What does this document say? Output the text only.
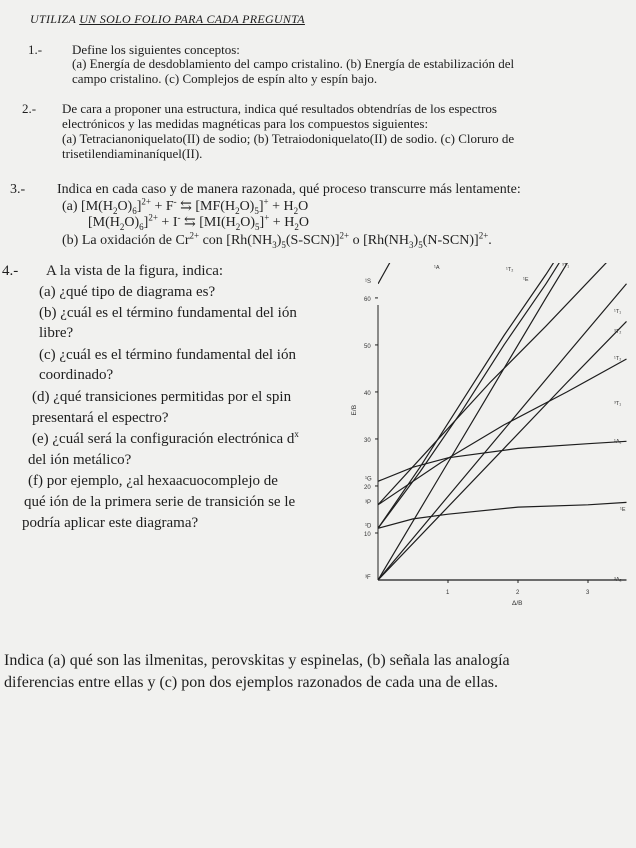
UTILIZA UN SOLO FOLIO PARA CADA PREGUNTA
1.- Define los siguientes conceptos:
(a) Energía de desdoblamiento del campo cristalino. (b) Energía de estabilización del
campo cristalino. (c) Complejos de espín alto y espín bajo.
2.- De cara a proponer una estructura, indica qué resultados obtendrías de los espectros
electrónicos y las medidas magnéticas para los compuestos siguientes:
(a) Tetracianoniquelato(II) de sodio; (b) Tetraiodoniquelato(II) de sodio. (c) Cloruro de
trisetilendiaminaníquel(II).
3.- Indica en cada caso y de manera razonada, qué proceso transcurre más lentamente:
(a) $[M(H_2O)_6]^{2+} + F^-$ ⇆ $[MF(H_2O)_5]^+ + H_2O$
$[M(H_2O)_6]^{2+} + I^-$ ⇆ $[MI(H_2O)_5]^+ + H_2O$
(b) La oxidación de $Cr^{2+}$ con $[Rh(NH_3)_5(S-SCN)]^{2+}$ o $[Rh(NH_3)_5(N-SCN)]^{2+}$.
4.- A la vista de la figura, indica:
(a) ¿qué tipo de diagrama es?
(b) ¿cuál es el término fundamental del ión
libre?
(c) ¿cuál es el término fundamental del ión
coordinado?
(d) ¿qué transiciones permitidas por el spin
presentará el espectro?
(e) ¿cuál será la configuración electrónica $d^x$
del ión metálico?
(f) por ejemplo, ¿al hexaacuocomplejo de
qué ión de la primera serie de transición se le
podría aplicar este diagrama?
10
20
30
40
50
60
1	2	3
Δ/B
E/B
¹S
¹G
³P
¹D
³F
¹A	¹T₂
¹E
³T₁
¹T₁
³T₂
¹T₂
³T₁
¹A₁
¹E
³A₂
Indica (a) qué son las ilmenitas, perovskitas y espinelas, (b) señala las analogía
diferencias entre ellas y (c) pon dos ejemplos razonados de cada una de ellas.
